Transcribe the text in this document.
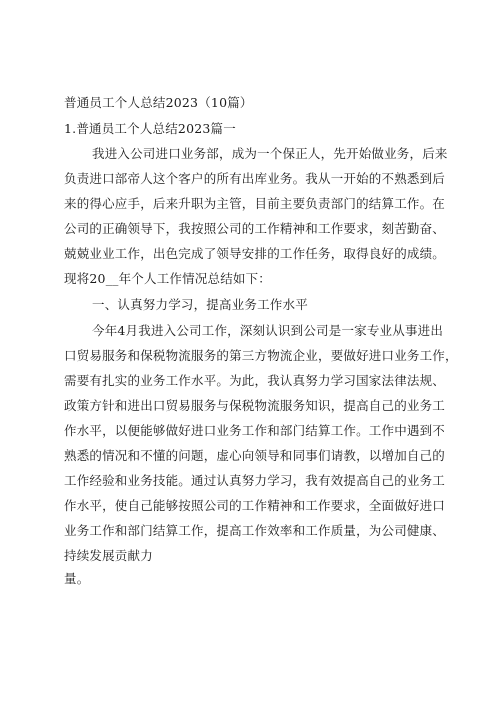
普通员工个人总结2023（10篇）
1.普通员工个人总结2023篇一
我进入公司进口业务部，成为一个保正人，先开始做业务，后来
负责进口部帝人这个客户的所有出库业务。我从一开始的不熟悉到后
来的得心应手，后来升职为主管，目前主要负责部门的结算工作。在
公司的正确领导下，我按照公司的工作精神和工作要求，刻苦勤奋、
兢兢业业工作，出色完成了领导安排的工作任务，取得良好的成绩。
现将20__年个人工作情况总结如下：
一、认真努力学习，提高业务工作水平
今年4月我进入公司工作，深刻认识到公司是一家专业从事进出
口贸易服务和保税物流服务的第三方物流企业，要做好进口业务工作，
需要有扎实的业务工作水平。为此，我认真努力学习国家法律法规、
政策方针和进出口贸易服务与保税物流服务知识，提高自己的业务工
作水平，以便能够做好进口业务工作和部门结算工作。工作中遇到不
熟悉的情况和不懂的问题，虚心向领导和同事们请教，以增加自己的
工作经验和业务技能。通过认真努力学习，我有效提高自己的业务工
作水平，使自己能够按照公司的工作精神和工作要求，全面做好进口
业务工作和部门结算工作，提高工作效率和工作质量，为公司健康、
持续发展贡献力
量。
